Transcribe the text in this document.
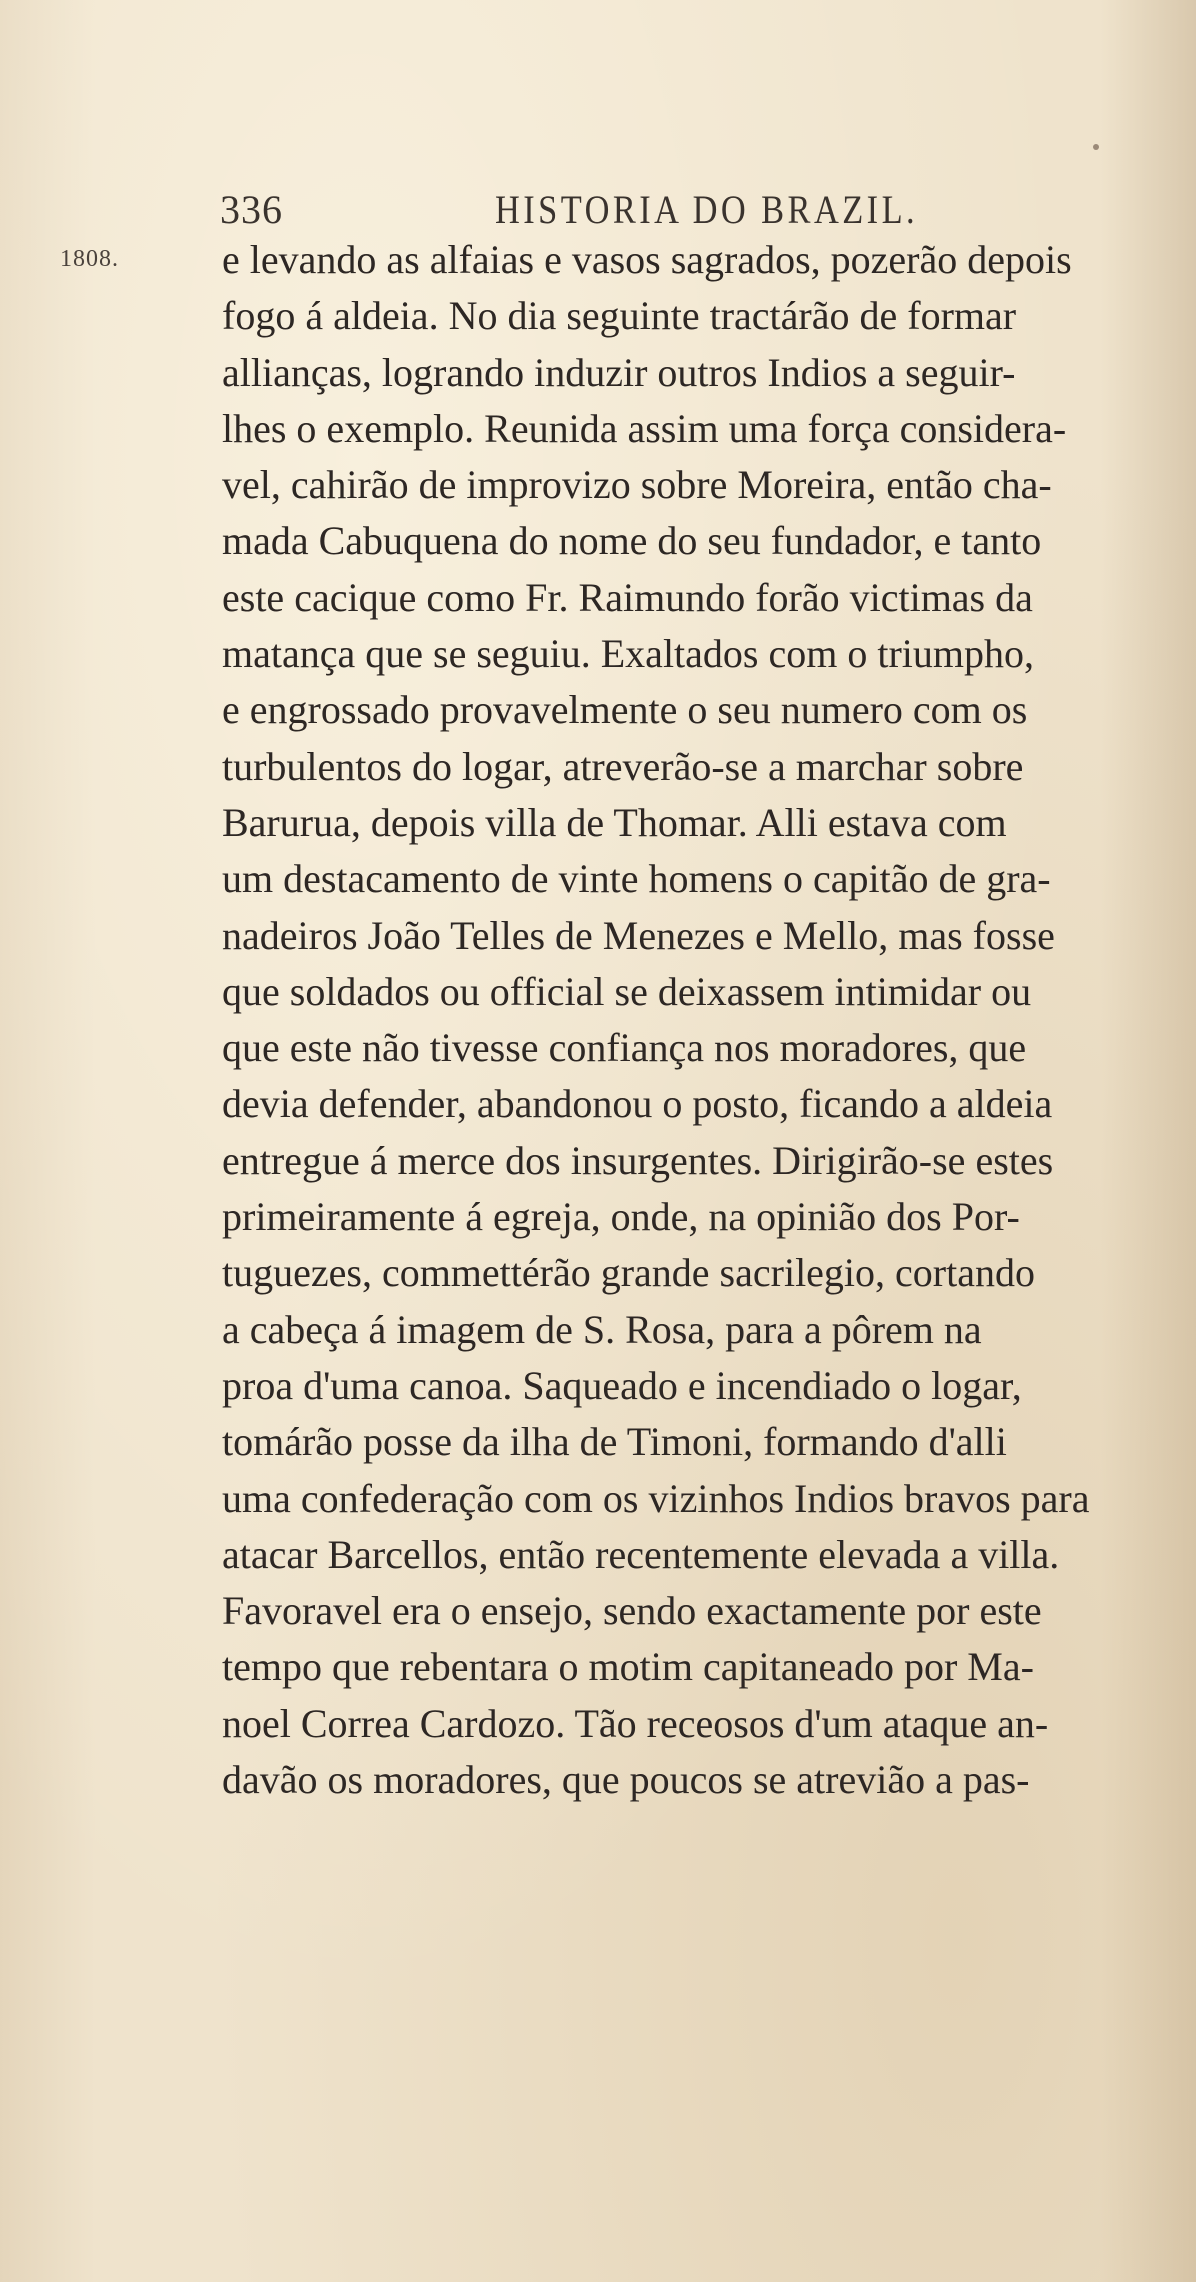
336	HISTORIA DO BRAZIL.
1808.	e levando as alfaias e vasos sagrados, pozerão depois
fogo á aldeia. No dia seguinte tractárão de formar
allianças, logrando induzir outros Indios a seguir-
lhes o exemplo. Reunida assim uma força considera-
vel, cahirão de improvizo sobre Moreira, então cha-
mada Cabuquena do nome do seu fundador, e tanto
este cacique como Fr. Raimundo forão victimas da
matança que se seguiu. Exaltados com o triumpho,
e engrossado provavelmente o seu numero com os
turbulentos do logar, atreverão-se a marchar sobre
Barurua, depois villa de Thomar. Alli estava com
um destacamento de vinte homens o capitão de gra-
nadeiros João Telles de Menezes e Mello, mas fosse
que soldados ou official se deixassem intimidar ou
que este não tivesse confiança nos moradores, que
devia defender, abandonou o posto, ficando a aldeia
entregue á merce dos insurgentes. Dirigirão-se estes
primeiramente á egreja, onde, na opinião dos Por-
tuguezes, commettérão grande sacrilegio, cortando
a cabeça á imagem de S. Rosa, para a pôrem na
proa d'uma canoa. Saqueado e incendiado o logar,
tomárão posse da ilha de Timoni, formando d'alli
uma confederação com os vizinhos Indios bravos para
atacar Barcellos, então recentemente elevada a villa.
Favoravel era o ensejo, sendo exactamente por este
tempo que rebentara o motim capitaneado por Ma-
noel Correa Cardozo. Tão receosos d'um ataque an-
davão os moradores, que poucos se atrevião a pas-
